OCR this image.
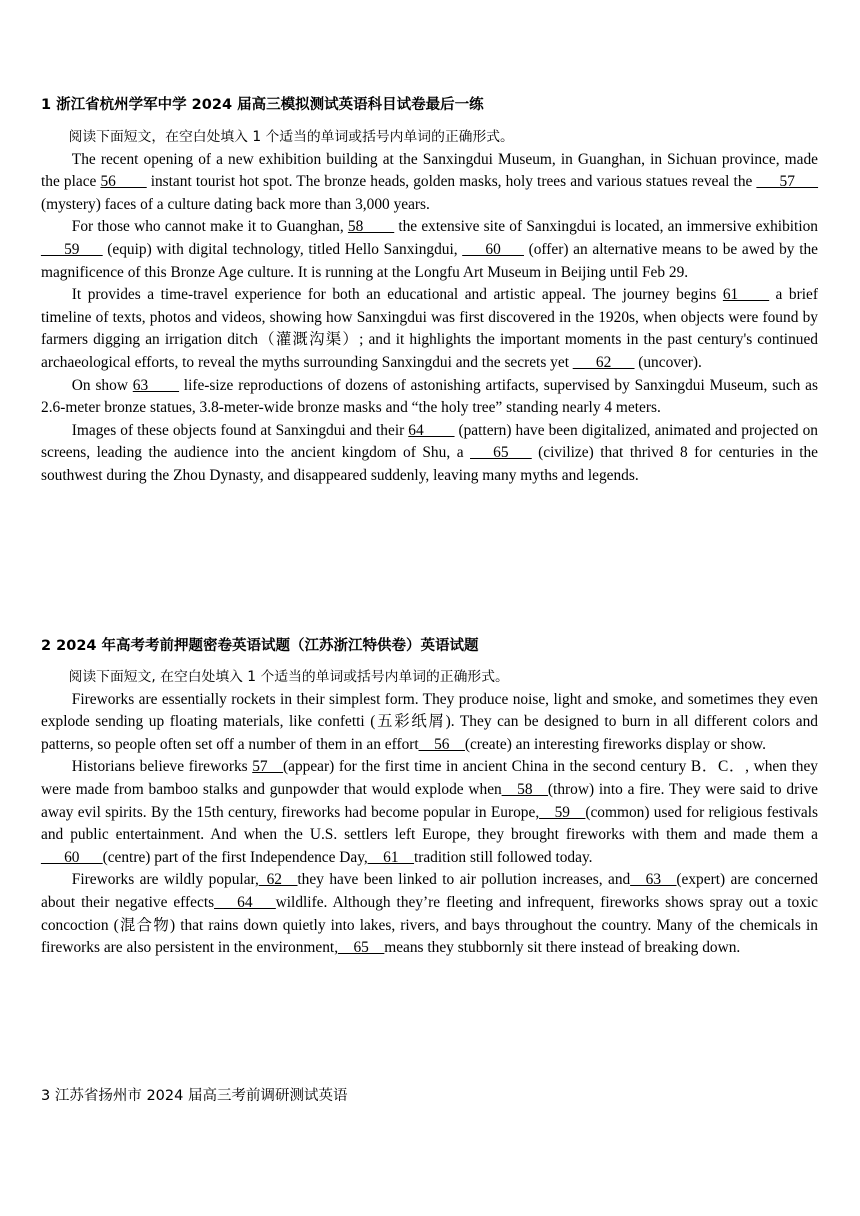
1 浙江省杭州学军中学 2024 届高三模拟测试英语科目试卷最后一练

阅读下面短文，在空白处填入 1 个适当的单词或括号内单词的正确形式。

The recent opening of a new exhibition building at the Sanxingdui Museum, in Guanghan, in Sichuan province, made the place 56____ instant tourist hot spot. The bronze heads, golden masks, holy trees and various statues reveal the ___57___(mystery) faces of a culture dating back more than 3,000 years.

For those who cannot make it to Guanghan, 58____ the extensive site of Sanxingdui is located, an immersive exhibition ___59___ (equip) with digital technology, titled Hello Sanxingdui, ___60___ (offer) an alternative means to be awed by the magnificence of this Bronze Age culture. It is running at the Longfu Art Museum in Beijing until Feb 29.

It provides a time-travel experience for both an educational and artistic appeal. The journey begins 61____ a brief timeline of texts, photos and videos, showing how Sanxingdui was first discovered in the 1920s, when objects were found by farmers digging an irrigation ditch（灌溉沟渠）; and it highlights the important moments in the past century's continued archaeological efforts, to reveal the myths surrounding Sanxingdui and the secrets yet ___62___ (uncover).

On show 63____ life-size reproductions of dozens of astonishing artifacts, supervised by Sanxingdui Museum, such as 2.6-meter bronze statues, 3.8-meter-wide bronze masks and “the holy tree” standing nearly 4 meters.

Images of these objects found at Sanxingdui and their 64____ (pattern) have been digitalized, animated and projected on screens, leading the audience into the ancient kingdom of Shu, a ___65___ (civilize) that thrived 8 for centuries in the southwest during the Zhou Dynasty, and disappeared suddenly, leaving many myths and legends.

2 2024 年高考考前押题密卷英语试题（江苏浙江特供卷）英语试题

阅读下面短文, 在空白处填入 1 个适当的单词或括号内单词的正确形式。

Fireworks are essentially rockets in their simplest form. They produce noise, light and smoke, and sometimes they even explode sending up floating materials, like confetti (五彩纸屑). They can be designed to burn in all different colors and patterns, so people often set off a number of them in an effort__56__(create) an interesting fireworks display or show.

Historians believe fireworks 57__(appear) for the first time in ancient China in the second century B．C．, when they were made from bamboo stalks and gunpowder that would explode when__58__(throw) into a fire. They were said to drive away evil spirits. By the 15th century, fireworks had become popular in Europe,__59__(common) used for religious festivals and public entertainment. And when the U.S. settlers left Europe, they brought fireworks with them and made them a___60___(centre) part of the first Independence Day,__61__tradition still followed today.

Fireworks are wildly popular,_62__they have been linked to air pollution increases, and__63__(expert) are concerned about their negative effects___64___wildlife. Although they’re fleeting and infrequent, fireworks shows spray out a toxic concoction (混合物) that rains down quietly into lakes, rivers, and bays throughout the country. Many of the chemicals in fireworks are also persistent in the environment,__65__means they stubbornly sit there instead of breaking down.

3 江苏省扬州市 2024 届高三考前调研测试英语
